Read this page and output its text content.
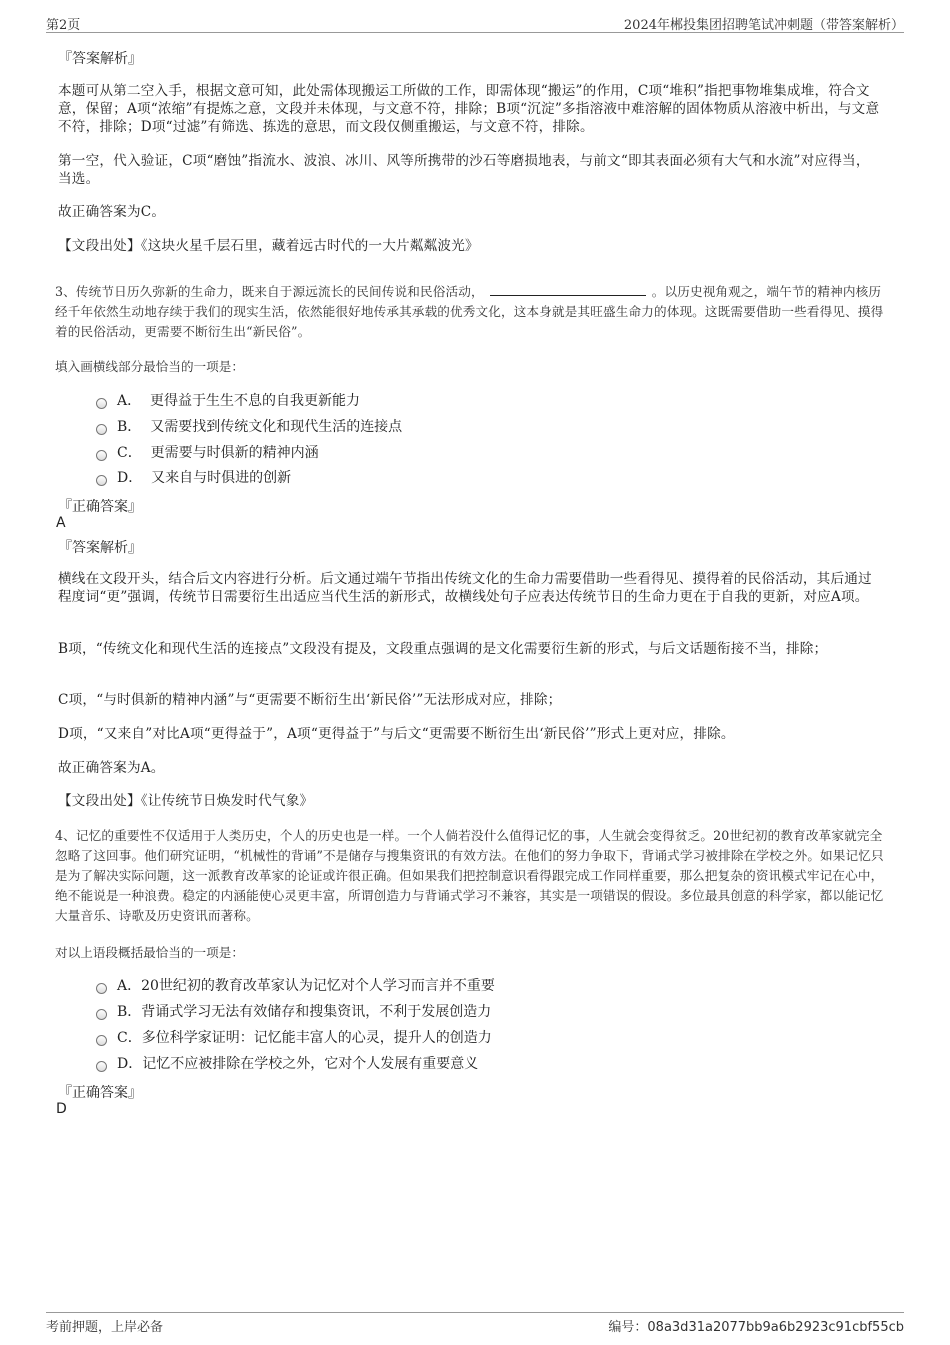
第2页	2024年郴投集团招聘笔试冲刺题（带答案解析）
『答案解析』
本题可从第二空入手，根据文意可知，此处需体现搬运工所做的工作，即需体现“搬运”的作用，C项“堆积”指把事物堆集成堆，符合文意，保留；A项“浓缩”有提炼之意，文段并未体现，与文意不符，排除；B项“沉淀”多指溶液中难溶解的固体物质从溶液中析出，与文意不符，排除；D项“过滤”有筛选、拣选的意思，而文段仅侧重搬运，与文意不符，排除。
第一空，代入验证，C项“磨蚀”指流水、波浪、冰川、风等所携带的沙石等磨损地表，与前文“即其表面必须有大气和水流”对应得当，当选。
故正确答案为C。
【文段出处】《这块火星千层石里，藏着远古时代的一大片粼粼波光》
3、传统节日历久弥新的生命力，既来自于源远流长的民间传说和民俗活动，	。以历史视角观之，端午节的精神内核历经千年依然生动地存续于我们的现实生活，依然能很好地传承其承载的优秀文化，这本身就是其旺盛生命力的体现。这既需要借助一些看得见、摸得着的民俗活动，更需要不断衍生出“新民俗”。
填入画横线部分最恰当的一项是：
A．  更得益于生生不息的自我更新能力
B．  又需要找到传统文化和现代生活的连接点
C．  更需要与时俱新的精神内涵
D．  又来自与时俱进的创新
『正确答案』
A
『答案解析』
横线在文段开头，结合后文内容进行分析。后文通过端午节指出传统文化的生命力需要借助一些看得见、摸得着的民俗活动，其后通过程度词“更”强调，传统节日需要衍生出适应当代生活的新形式，故横线处句子应表达传统节日的生命力更在于自我的更新，对应A项。
B项，“传统文化和现代生活的连接点”文段没有提及，文段重点强调的是文化需要衍生新的形式，与后文话题衔接不当，排除；
C项，“与时俱新的精神内涵”与“更需要不断衍生出‘新民俗’”无法形成对应，排除；
D项，“又来自”对比A项“更得益于”，A项“更得益于”与后文“更需要不断衍生出‘新民俗’”形式上更对应，排除。
故正确答案为A。
【文段出处】《让传统节日焕发时代气象》
4、记忆的重要性不仅适用于人类历史，个人的历史也是一样。一个人倘若没什么值得记忆的事，人生就会变得贫乏。20世纪初的教育改革家就完全忽略了这回事。他们研究证明，“机械性的背诵”不是储存与搜集资讯的有效方法。在他们的努力争取下，背诵式学习被排除在学校之外。如果记忆只是为了解决实际问题，这一派教育改革家的论证或许很正确。但如果我们把控制意识看得跟完成工作同样重要，那么把复杂的资讯模式牢记在心中，绝不能说是一种浪费。稳定的内涵能使心灵更丰富，所谓创造力与背诵式学习不兼容，其实是一项错误的假设。多位最具创意的科学家，都以能记忆大量音乐、诗歌及历史资讯而著称。
对以上语段概括最恰当的一项是：
A．20世纪初的教育改革家认为记忆对个人学习而言并不重要
B．背诵式学习无法有效储存和搜集资讯，不利于发展创造力
C．多位科学家证明：记忆能丰富人的心灵，提升人的创造力
D．记忆不应被排除在学校之外，它对个人发展有重要意义
『正确答案』
D
考前押题，上岸必备	编号：08a3d31a2077bb9a6b2923c91cbf55cb
